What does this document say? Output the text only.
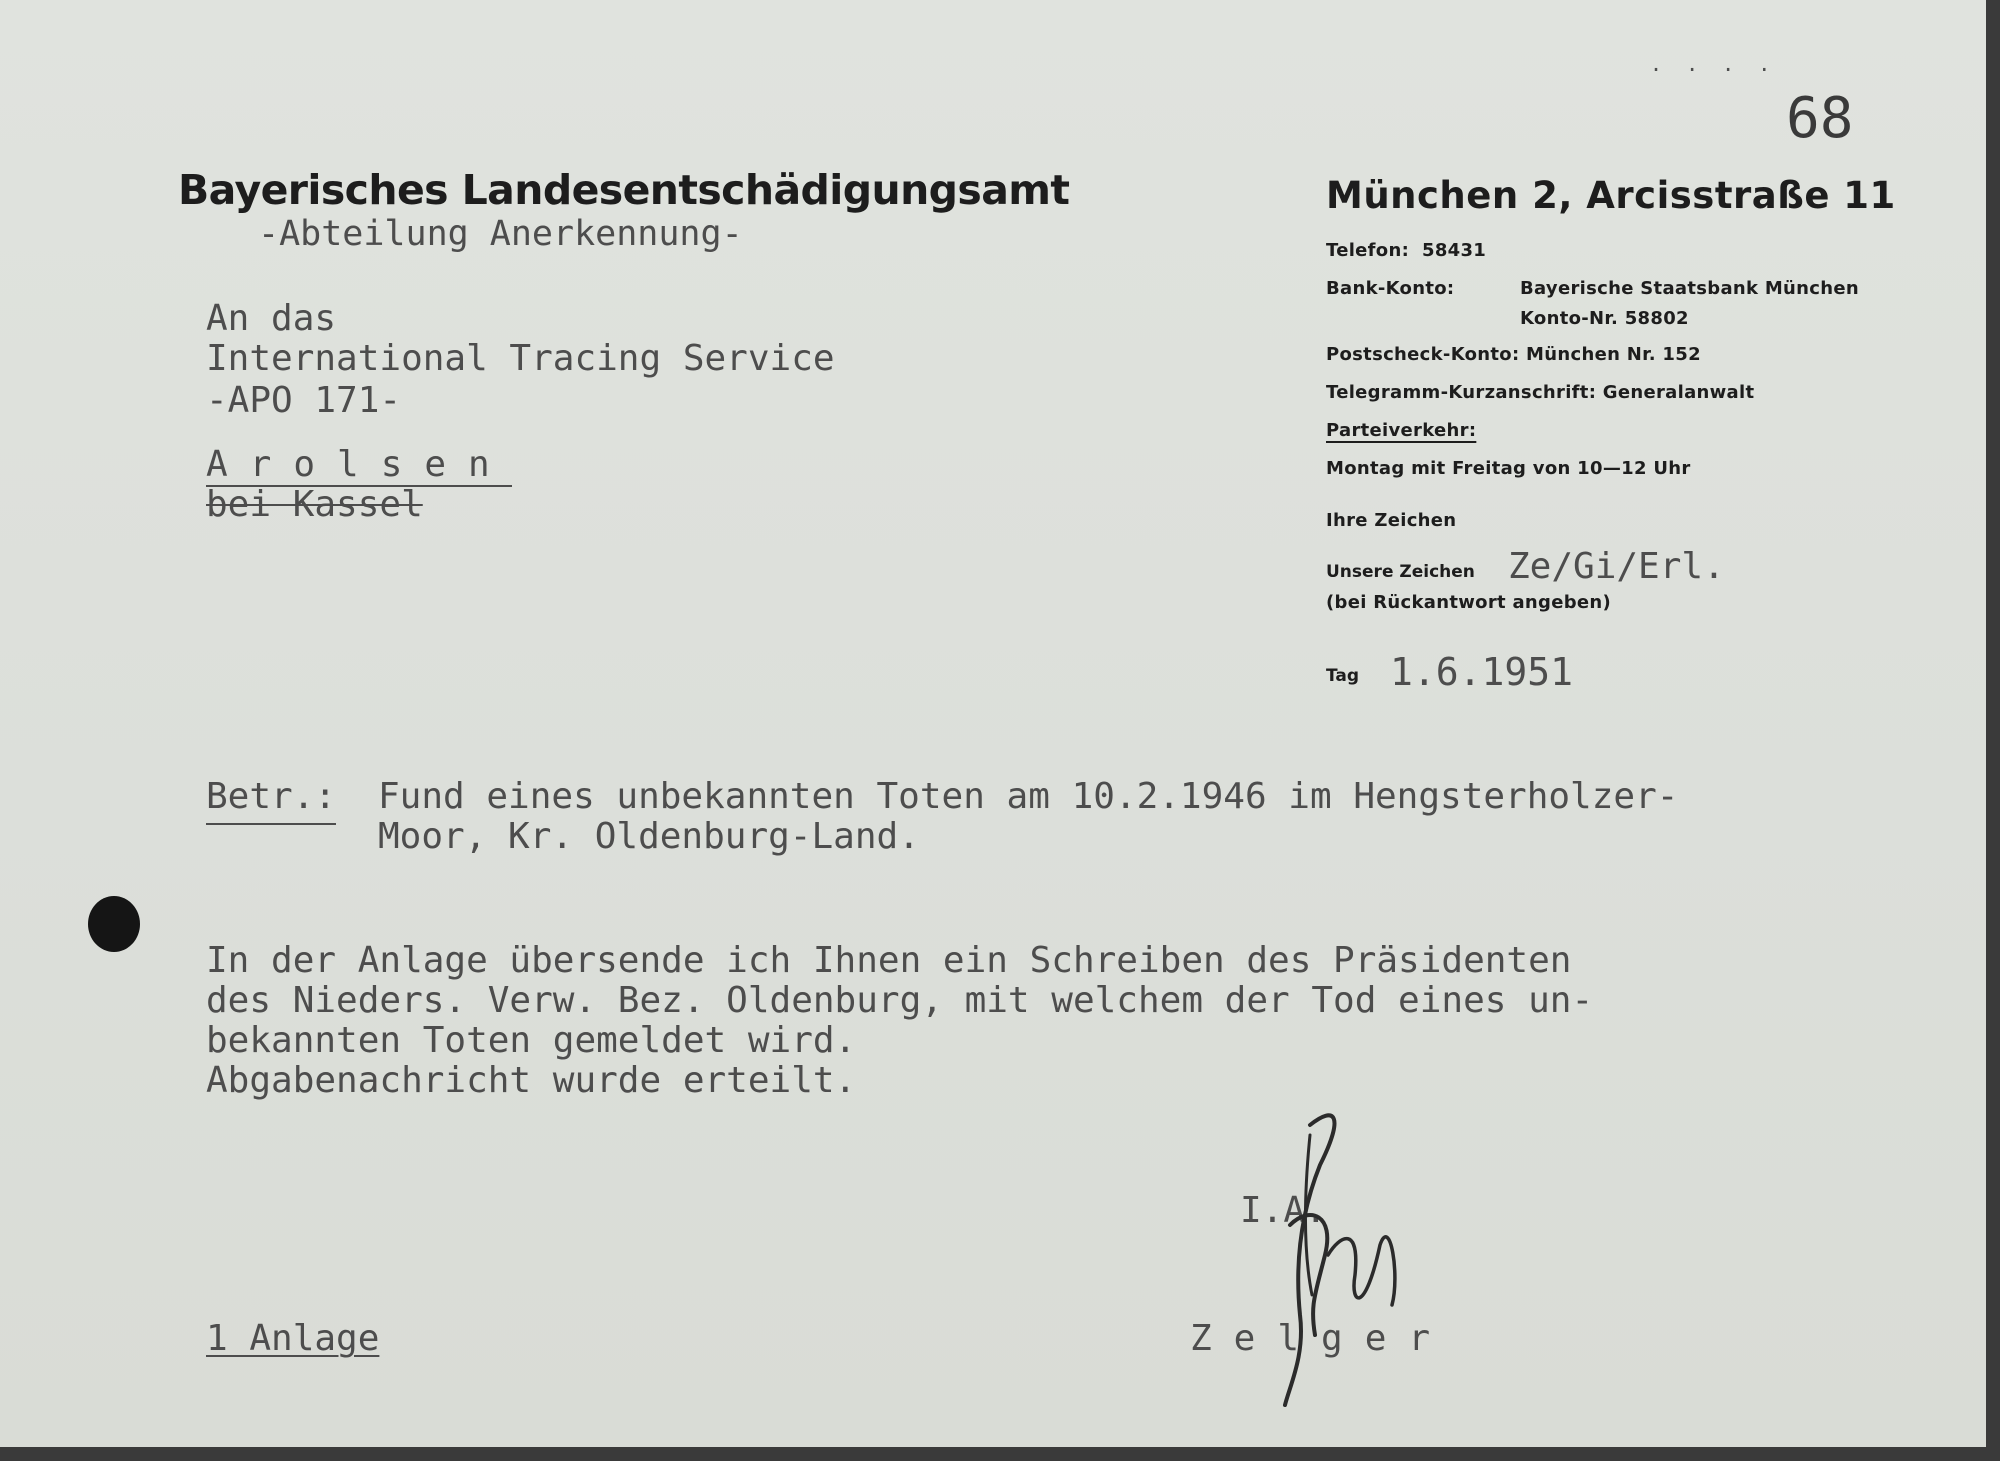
. . . .
68
Bayerisches Landesentschädigungsamt
-Abteilung Anerkennung-
München 2, Arcisstraße 11
Telefon: 58431
Bank-Konto:	Bayerische Staatsbank München
Konto-Nr. 58802
Postscheck-Konto: München Nr. 152
Telegramm-Kurzanschrift: Generalanwalt
Parteiverkehr:
Montag mit Freitag von 10—12 Uhr
Ihre Zeichen
Unsere Zeichen Ze/Gi/Erl.
(bei Rückantwort angeben)
Tag 1.6.1951
An das
International Tracing Service
-APO 171-
Arolsen
bei Kassel
Betr.: Fund eines unbekannten Toten am 10.2.1946 im Hengsterholzer-
Moor, Kr. Oldenburg-Land.
In der Anlage übersende ich Ihnen ein Schreiben des Präsidenten
des Nieders. Verw. Bez. Oldenburg, mit welchem der Tod eines un-
bekannten Toten gemeldet wird.
Abgabenachricht wurde erteilt.
I.A.
Zelger
1 Anlage
